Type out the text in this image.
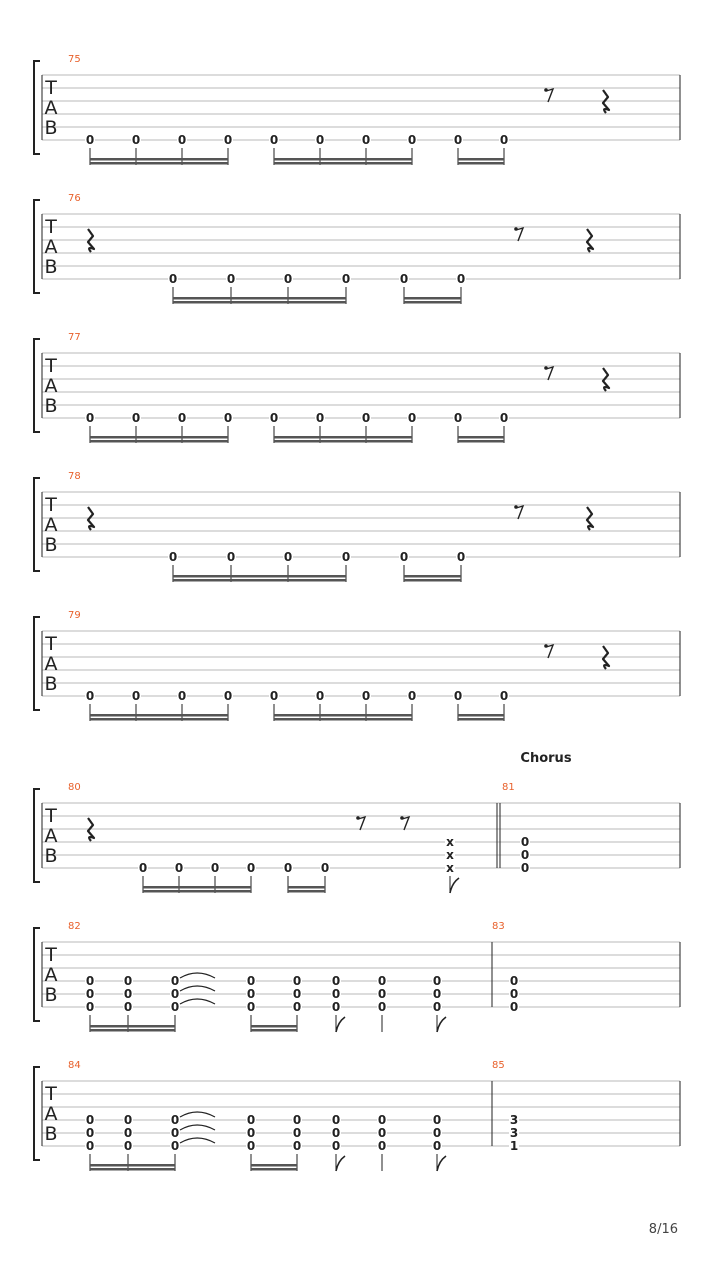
T
A
B
75
0	0	0	0	0	0	0	0	0	0
T
A
B
76
0	0	0	0	0	0
T
A
B
77
0	0	0	0	0	0	0	0	0	0
T
A
B
78
0	0	0	0	0	0
T
A
B
79
0	0	0	0	0	0	0	0	0	0
T
A
B
80	81
0 0 0 0 0 0
x
x
x
0
0
0
T
A
B
82	83
0
0
0
0
0
0
0
0
0
0
0
0
0
0
0
0
0
0
0
0
0
0
0
0
0
0
0
T
A
B
84	85
0
0
0
0
0
0
0
0
0
0
0
0
0
0
0
0
0
0
0
0
0
0
0
0
3
3
1
Chorus
8/16
